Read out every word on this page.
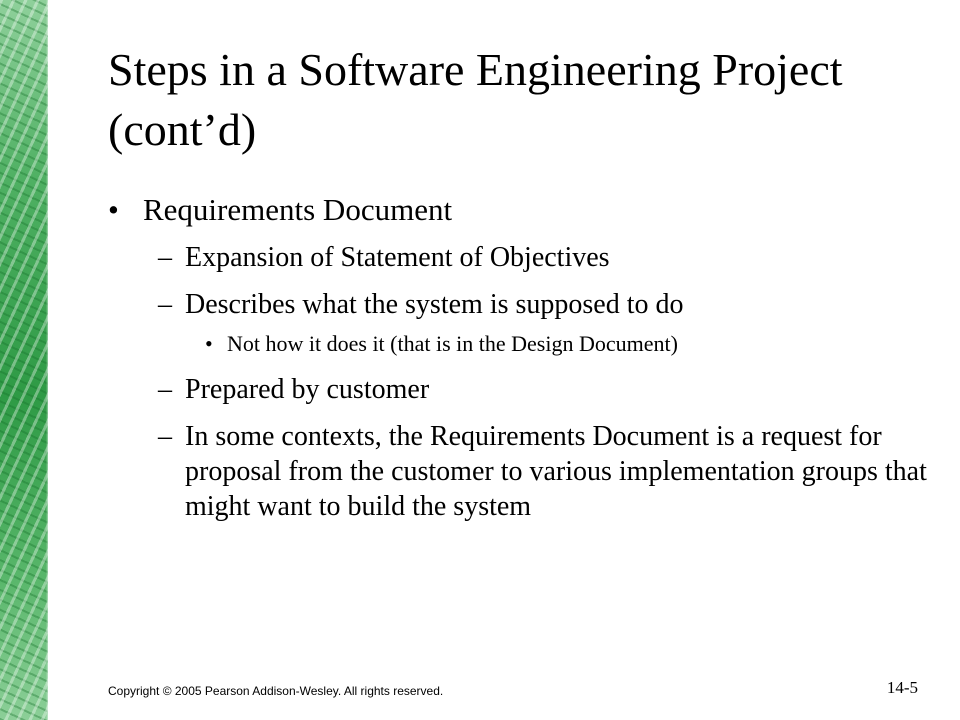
Steps in a Software Engineering Project (cont’d)
• Requirements Document
– Expansion of Statement of Objectives
– Describes what the system is supposed to do
• Not how it does it (that is in the Design Document)
– Prepared by customer
– In some contexts, the Requirements Document is a request for proposal from the customer to various implementation groups that might want to build the system
Copyright © 2005 Pearson Addison-Wesley. All rights reserved.	14-5
